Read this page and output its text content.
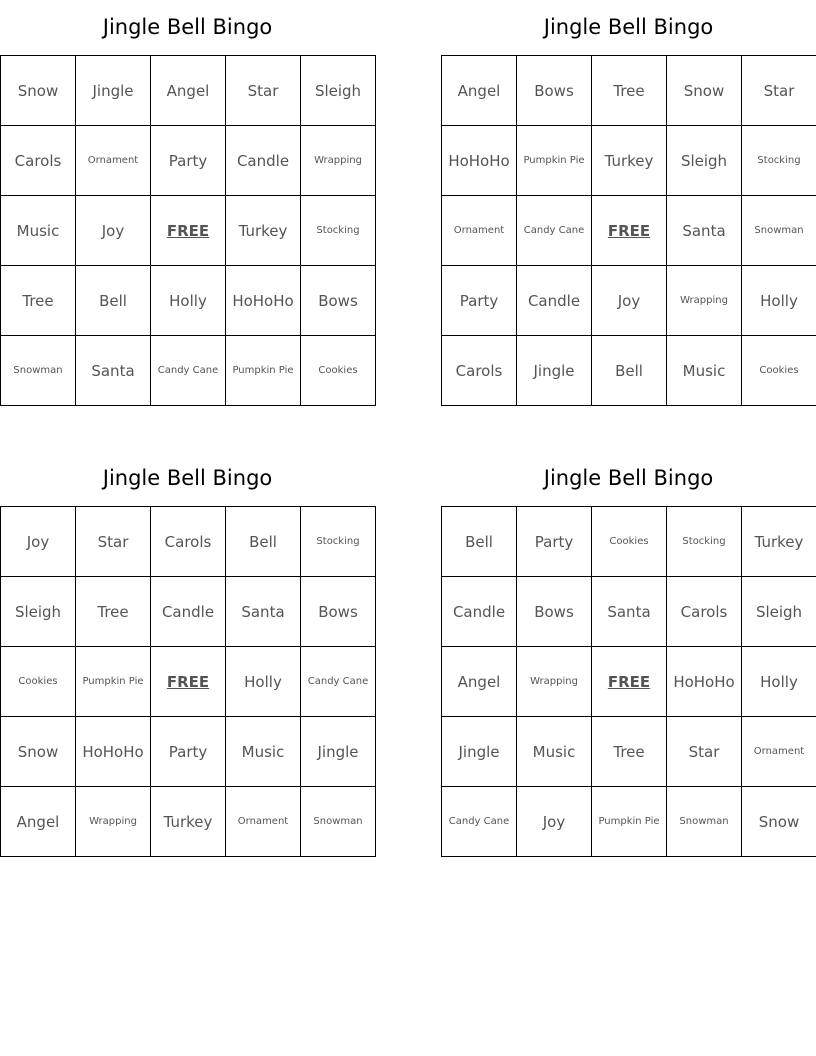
Jingle Bell Bingo
Snow	Jingle	Angel	Star	Sleigh
Carols	Ornament	Party	Candle	Wrapping
Music	Joy	FREE	Turkey	Stocking
Tree	Bell	Holly	HoHoHo	Bows
Snowman	Santa	Candy Cane	Pumpkin Pie	Cookies
Jingle Bell Bingo
Angel	Bows	Tree	Snow	Star
HoHoHo	Pumpkin Pie	Turkey	Sleigh	Stocking
Ornament	Candy Cane	FREE	Santa	Snowman
Party	Candle	Joy	Wrapping	Holly
Carols	Jingle	Bell	Music	Cookies
Jingle Bell Bingo
Joy	Star	Carols	Bell	Stocking
Sleigh	Tree	Candle	Santa	Bows
Cookies	Pumpkin Pie	FREE	Holly	Candy Cane
Snow	HoHoHo	Party	Music	Jingle
Angel	Wrapping	Turkey	Ornament	Snowman
Jingle Bell Bingo
Bell	Party	Cookies	Stocking	Turkey
Candle	Bows	Santa	Carols	Sleigh
Angel	Wrapping	FREE	HoHoHo	Holly
Jingle	Music	Tree	Star	Ornament
Candy Cane	Joy	Pumpkin Pie	Snowman	Snow
